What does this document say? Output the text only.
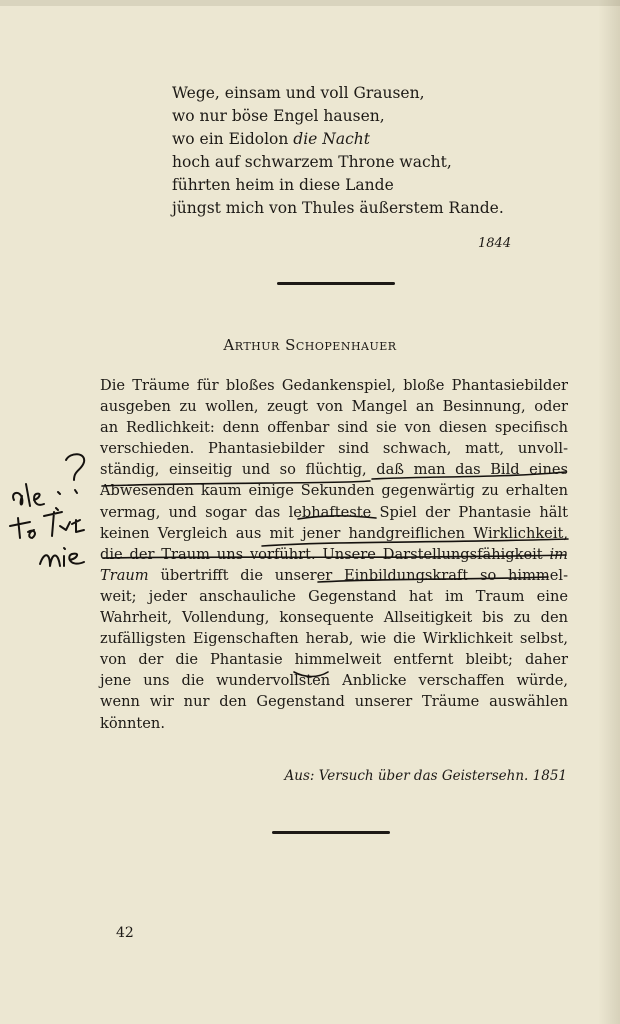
Wege, einsam und voll Grausen,
wo nur böse Engel hausen,
wo ein Eidolon die Nacht
hoch auf schwarzem Throne wacht,
führten heim in diese Lande
jüngst mich von Thules äußerstem Rande.
1844
Arthur Schopenhauer
Die Träume für bloßes Gedankenspiel, bloße Phantasiebilder
ausgeben zu wollen, zeugt von Mangel an Besinnung, oder
an Redlichkeit: denn offenbar sind sie von diesen specifisch
verschieden. Phantasiebilder sind schwach, matt, unvoll-
ständig, einseitig und so flüchtig, daß man das Bild eines
Abwesenden kaum einige Sekunden gegenwärtig zu erhalten
vermag, und sogar das lebhafteste Spiel der Phantasie hält
keinen Vergleich aus mit jener handgreiflichen Wirklichkeit,
die der Traum uns vorführt. Unsere Darstellungsfähigkeit im
Traum übertrifft die unserer Einbildungskraft so himmel-
weit; jeder anschauliche Gegenstand hat im Traum eine
Wahrheit, Vollendung, konsequente Allseitigkeit bis zu den
zufälligsten Eigenschaften herab, wie die Wirklichkeit selbst,
von der die Phantasie himmelweit entfernt bleibt; daher
jene uns die wundervollsten Anblicke verschaffen würde,
wenn wir nur den Gegenstand unserer Träume auswählen
könnten.
Aus: Versuch über das Geistersehn. 1851
42
